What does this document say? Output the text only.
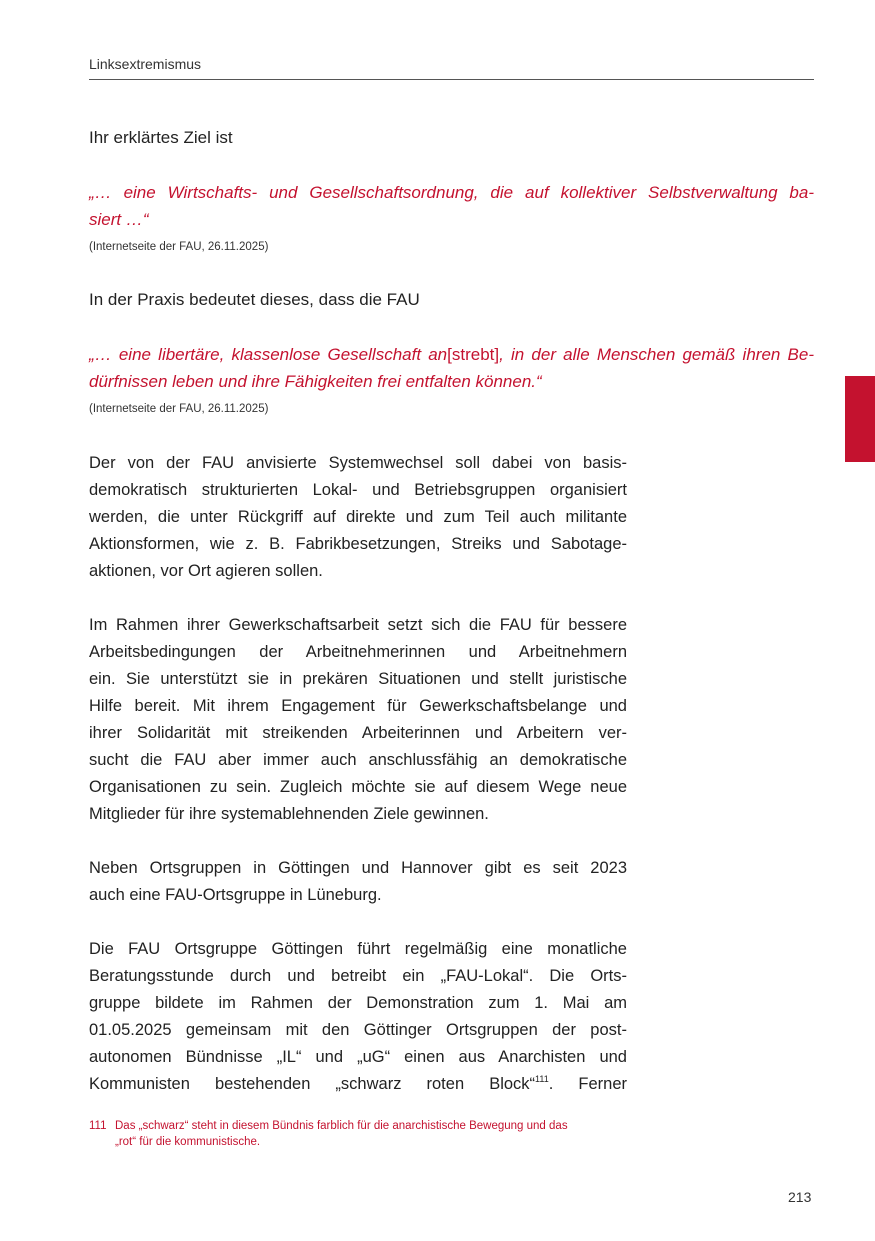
Linksextremismus
Ihr erklärtes Ziel ist
„… eine Wirtschafts- und Gesellschaftsordnung, die auf kollektiver Selbstverwaltung ba-
siert …“
(Internetseite der FAU, 26.11.2025)
In der Praxis bedeutet dieses, dass die FAU
„… eine libertäre, klassenlose Gesellschaft an[strebt], in der alle Menschen gemäß ihren Be-
dürfnissen leben und ihre Fähigkeiten frei entfalten können.“
(Internetseite der FAU, 26.11.2025)
Der von der FAU anvisierte Systemwechsel soll dabei von basis-
demokratisch strukturierten Lokal- und Betriebsgruppen organisiert
werden, die unter Rückgriff auf direkte und zum Teil auch militante
Aktionsformen, wie z. B. Fabrikbesetzungen, Streiks und Sabotage-
aktionen, vor Ort agieren sollen.
Im Rahmen ihrer Gewerkschaftsarbeit setzt sich die FAU für bessere
Arbeitsbedingungen der Arbeitnehmerinnen und Arbeitnehmern
ein. Sie unterstützt sie in prekären Situationen und stellt juristische
Hilfe bereit. Mit ihrem Engagement für Gewerkschaftsbelange und
ihrer Solidarität mit streikenden Arbeiterinnen und Arbeitern ver-
sucht die FAU aber immer auch anschlussfähig an demokratische
Organisationen zu sein. Zugleich möchte sie auf diesem Wege neue
Mitglieder für ihre systemablehnenden Ziele gewinnen.
Neben Ortsgruppen in Göttingen und Hannover gibt es seit 2023
auch eine FAU-Ortsgruppe in Lüneburg.
Die FAU Ortsgruppe Göttingen führt regelmäßig eine monatliche
Beratungsstunde durch und betreibt ein „FAU-Lokal“. Die Orts-
gruppe bildete im Rahmen der Demonstration zum 1. Mai am
01.05.2025 gemeinsam mit den Göttinger Ortsgruppen der post-
autonomen Bündnisse „IL“ und „uG“ einen aus Anarchisten und
Kommunisten bestehenden „schwarz roten Block“$^{111}$. Ferner
111 Das „schwarz“ steht in diesem Bündnis farblich für die anarchistische Bewegung und das
„rot“ für die kommunistische.
213
